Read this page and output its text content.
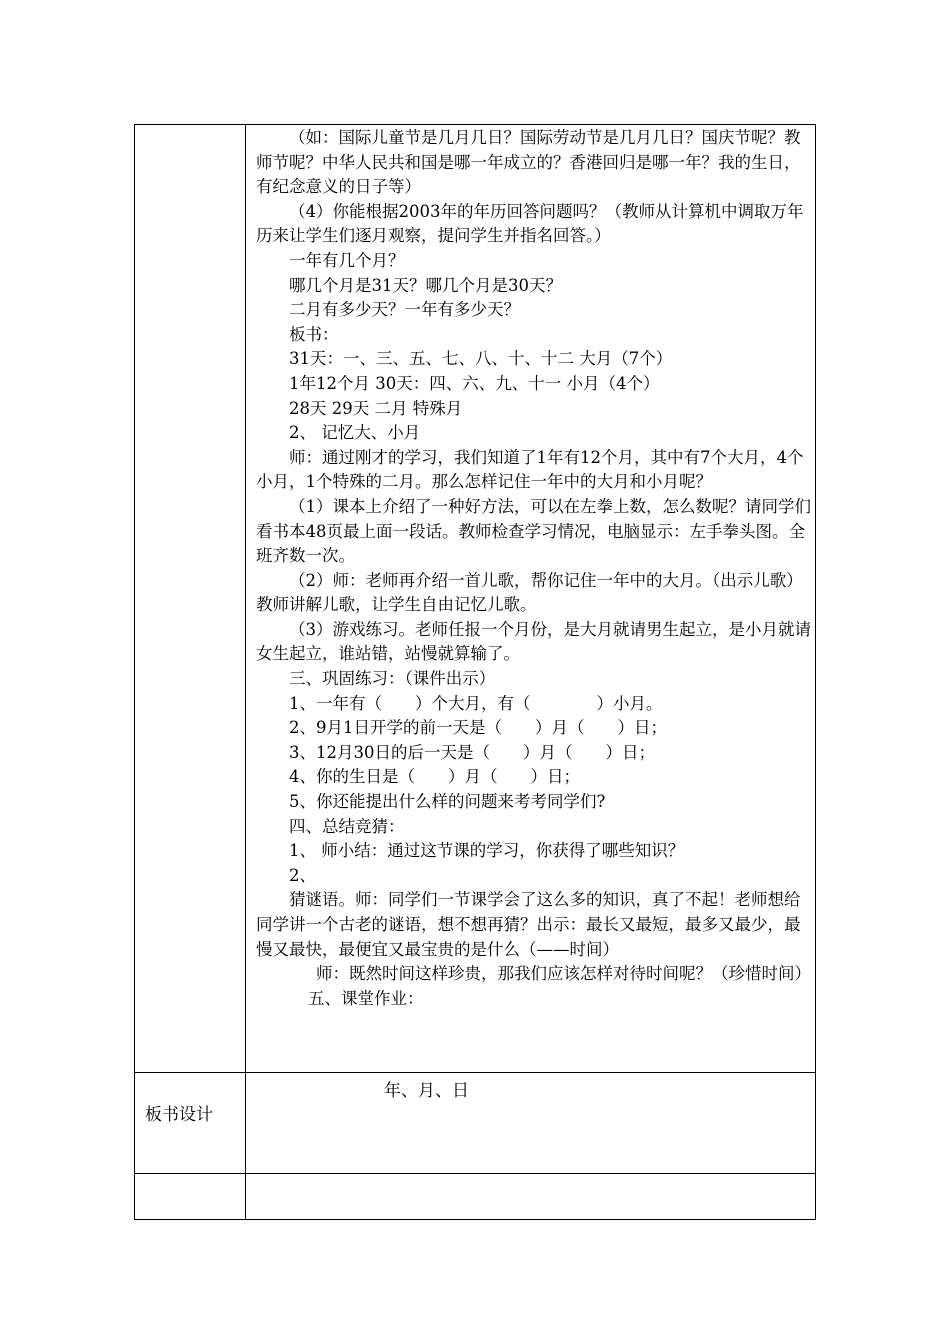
（如：国际儿童节是几月几日？国际劳动节是几月几日？国庆节呢？教师节呢？中华人民共和国是哪一年成立的？香港回归是哪一年？我的生日，有纪念意义的日子等）

（4）你能根据2003年的年历回答问题吗？（教师从计算机中调取万年历来让学生们逐月观察，提问学生并指名回答。）

一年有几个月？

哪几个月是31天？哪几个月是30天？

二月有多少天？一年有多少天？

板书：

31天：一、三、五、七、八、十、十二 大月（7个）

1年12个月 30天：四、六、九、十一 小月（4个）

28天 29天 二月 特殊月

2、 记忆大、小月

师：通过刚才的学习，我们知道了1年有12个月，其中有7个大月，4个小月，1个特殊的二月。那么怎样记住一年中的大月和小月呢？

（1）课本上介绍了一种好方法，可以在左拳上数，怎么数呢？请同学们看书本48页最上面一段话。教师检查学习情况，电脑显示：左手拳头图。全班齐数一次。

（2）师：老师再介绍一首儿歌，帮你记住一年中的大月。（出示儿歌）教师讲解儿歌，让学生自由记忆儿歌。

（3）游戏练习。老师任报一个月份，是大月就请男生起立，是小月就请女生起立，谁站错，站慢就算输了。

三、巩固练习：（课件出示）

1、一年有（　　）个大月，有（　　　　）小月。

2、9月1日开学的前一天是（　　）月（　　）日；

3、12月30日的后一天是（　　）月（　　）日；

4、你的生日是（　　）月（　　）日；

5、你还能提出什么样的问题来考考同学们?

四、总结竞猜：

1、 师小结：通过这节课的学习，你获得了哪些知识？

2、

猜谜语。师：同学们一节课学会了这么多的知识，真了不起！老师想给同学讲一个古老的谜语，想不想再猜？出示：最长又最短，最多又最少，最慢又最快，最便宜又最宝贵的是什么（——时间）

师：既然时间这样珍贵，那我们应该怎样对待时间呢？（珍惜时间）

五、课堂作业：

板书设计
年、月、日
